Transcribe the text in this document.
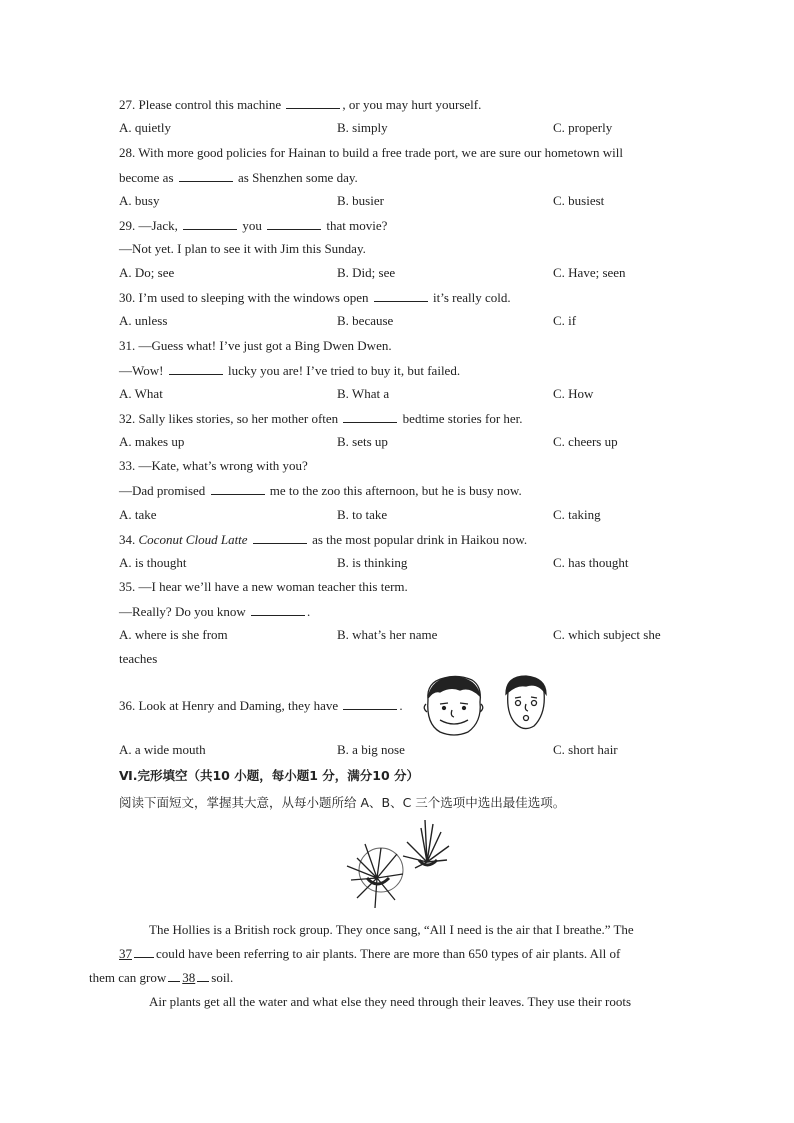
27. Please control this machine	, or you may hurt yourself.
A. quietly	B. simply	C. properly
28. With more good policies for Hainan to build a free trade port, we are sure our hometown will
become as	as Shenzhen some day.
A. busy	B. busier	C. busiest
29. —Jack,	you	that movie?
—Not yet. I plan to see it with Jim this Sunday.
A. Do; see	B. Did; see	C. Have; seen
30. I’m used to sleeping with the windows open	it’s really cold.
A. unless	B. because	C. if
31. —Guess what! I’ve just got a Bing Dwen Dwen.
—Wow!	lucky you are! I’ve tried to buy it, but failed.
A. What	B. What a	C. How
32. Sally likes stories, so her mother often	bedtime stories for her.
A. makes up	B. sets up	C. cheers up
33. —Kate, what’s wrong with you?
—Dad promised	me to the zoo this afternoon, but he is busy now.
A. take	B. to take	C. taking
34. Coconut Cloud Latte	as the most popular drink in Haikou now.
A. is thought	B. is thinking	C. has thought
35. —I hear we’ll have a new woman teacher this term.
—Really? Do you know	.
A. where is she from	B. what’s her name	C. which subject she
teaches
36. Look at Henry and Daming, they have	.
A. a wide mouth	B. a big nose	C. short hair
Ⅵ.完形填空（共10 小题，每小题1 分，满分10 分）
阅读下面短文，掌握其大意，从每小题所给 A、B、C 三个选项中选出最佳选项。
The Hollies is a British rock group. They once sang, “All I need is the air that I breathe.” The
37 could have been referring to air plants. There are more than 650 types of air plants. All of
them can grow 38 soil.
Air plants get all the water and what else they need through their leaves. They use their roots
